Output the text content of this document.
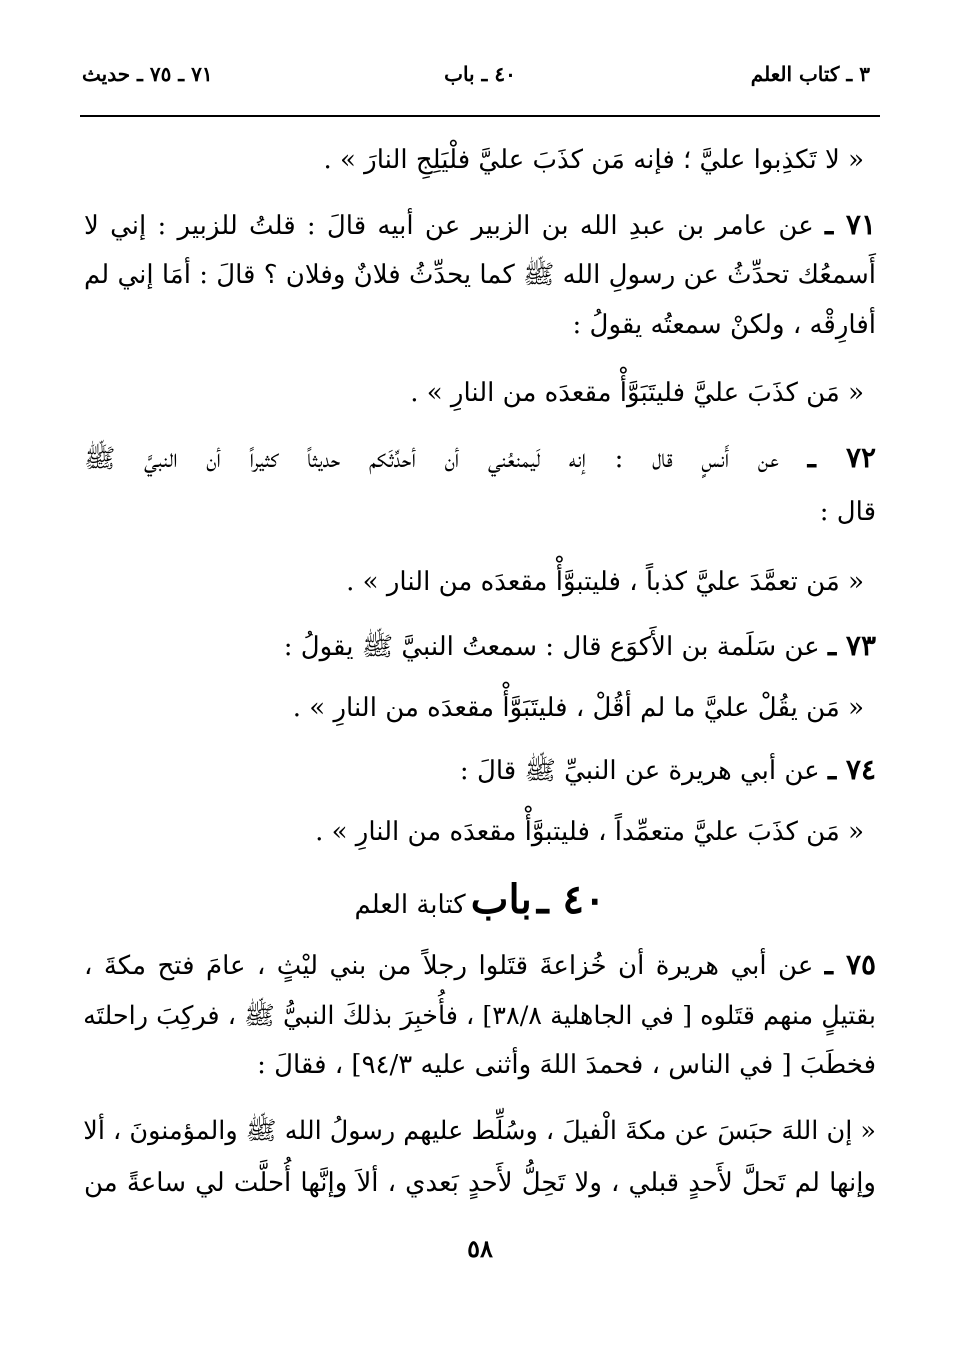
٣ ـ كتاب العلم
٤٠ ـ باب
٧١ ـ ٧٥ ـ حديث
« لا تَكذِبوا عليَّ ؛ فإنه مَن كذَبَ عليَّ فلْيَلِجِ النارَ » .
٧١ ـ عن عامر بن عبدِ الله بن الزبير عن أبيه قالَ : قلتُ للزبير : إني لا
أَسمعُك تحدِّثُ عن رسولِ الله ﷺ كما يحدِّثُ فلانٌ وفلان ؟ قالَ : أمَا إني لم
أفارِقْه ، ولكنْ سمعتُه يقولُ :
« مَن كذَبَ عليَّ فليتَبَوَّأْ مقعدَه من النارِ » .
٧٢ ـ عن أَنسٍ قال : إنه لَيمنعُني أن أحدِّثَكم حديثاً كثيراً أن النبيَّ ﷺ
قال :
« مَن تعمَّدَ عليَّ كذباً ، فليتبوَّأْ مقعدَه من النار » .
٧٣ ـ عن سَلَمة بن الأَكوَع قال : سمعتُ النبيَّ ﷺ يقولُ :
« مَن يقُلْ عليَّ ما لم أقُلْ ، فليتَبَوَّأْ مقعدَه من النارِ » .
٧٤ ـ عن أبي هريرة عن النبيِّ ﷺ قالَ :
« مَن كذَبَ عليَّ متعمِّداً ، فليتبوَّأْ مقعدَه من النارِ » .
٤٠ ـ باب كتابة العلم
٧٥ ـ عن أبي هريرة أن خُزاعةَ قتَلوا رجلاً من بني ليْثٍ ، عامَ فتح مكةَ ،
بقتيلٍ منهم قتَلوه [ في الجاهلية ٣٨/٨] ، فأُخبِرَ بذلكَ النبيُّ ﷺ ، فركِبَ راحلتَه
فخطَبَ [ في الناس ، فحمدَ اللهَ وأثنى عليه ٩٤/٣] ، فقالَ :
« إن اللهَ حبَسَ عن مكةَ الْفيلَ ، وسُلِّط عليهم رسولُ الله ﷺ والمؤمنونَ ، ألا
وإنها لم تَحلَّ لأَحدٍ قبلي ، ولا تَحِلُّ لأَحدٍ بَعدي ، ألاَ وإنَّها أُحلَّت لي ساعةً من
٥٨
